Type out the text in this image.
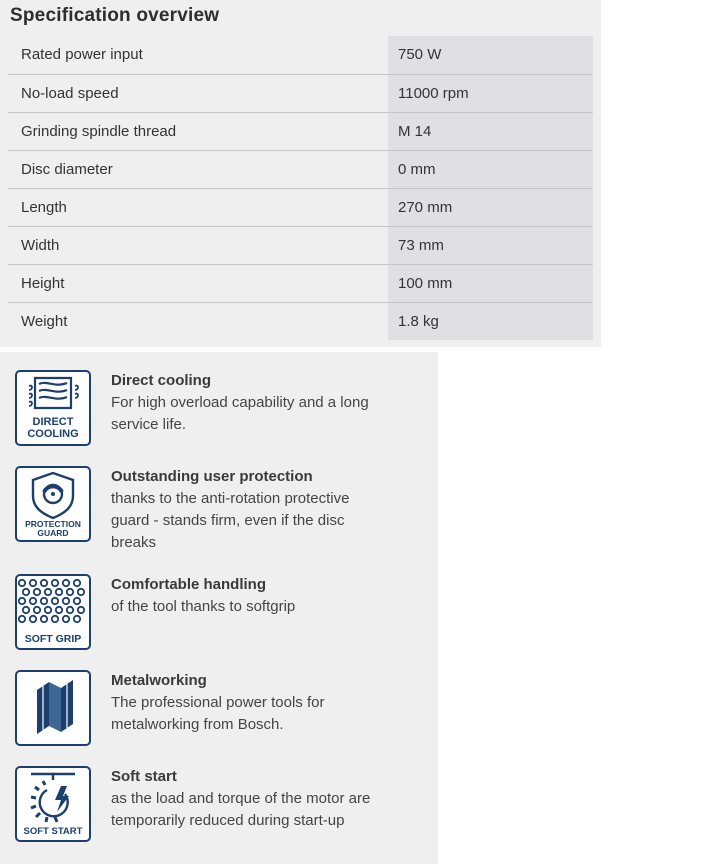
Specification overview
Rated power input	750 W
No-load speed	11000 rpm
Grinding spindle thread	M 14
Disc diameter	0 mm
Length	270 mm
Width	73 mm
Height	100 mm
Weight	1.8 kg
DIRECT
COOLING
Direct cooling
For high overload capability and a long service life.
PROTECTION
GUARD
Outstanding user protection
thanks to the anti-rotation protective guard - stands firm, even if the disc breaks
SOFT GRIP
Comfortable handling
of the tool thanks to softgrip
Metalworking
The professional power tools for metalworking from Bosch.
SOFT START
Soft start
as the load and torque of the motor are temporarily reduced during start-up
